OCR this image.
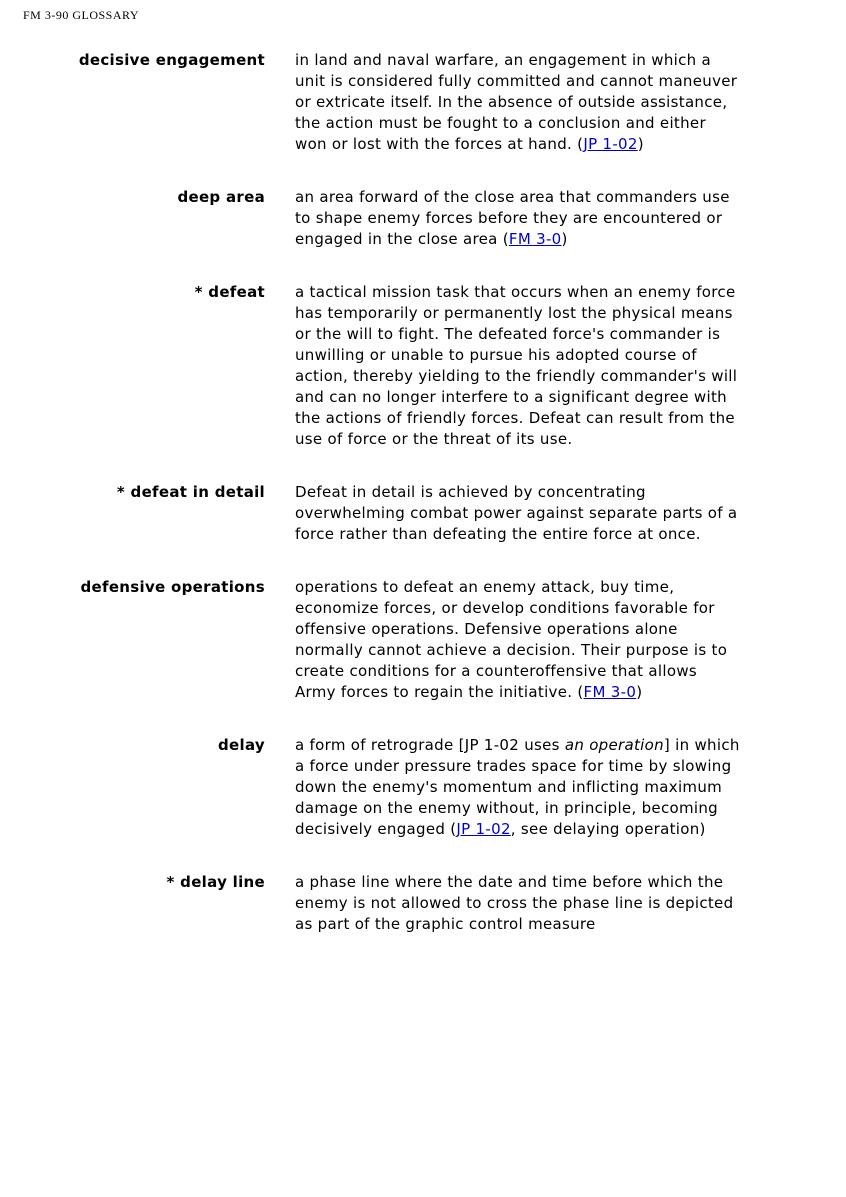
FM 3-90 GLOSSARY
decisive engagement in land and naval warfare, an engagement in which a unit is considered fully committed and cannot maneuver or extricate itself. In the absence of outside assistance, the action must be fought to a conclusion and either won or lost with the forces at hand. (JP 1-02)
deep area an area forward of the close area that commanders use to shape enemy forces before they are encountered or engaged in the close area (FM 3-0)
* defeat a tactical mission task that occurs when an enemy force has temporarily or permanently lost the physical means or the will to fight. The defeated force's commander is unwilling or unable to pursue his adopted course of action, thereby yielding to the friendly commander's will and can no longer interfere to a significant degree with the actions of friendly forces. Defeat can result from the use of force or the threat of its use.
* defeat in detail Defeat in detail is achieved by concentrating overwhelming combat power against separate parts of a force rather than defeating the entire force at once.
defensive operations operations to defeat an enemy attack, buy time, economize forces, or develop conditions favorable for offensive operations. Defensive operations alone normally cannot achieve a decision. Their purpose is to create conditions for a counteroffensive that allows Army forces to regain the initiative. (FM 3-0)
delay a form of retrograde [JP 1-02 uses an operation] in which a force under pressure trades space for time by slowing down the enemy's momentum and inflicting maximum damage on the enemy without, in principle, becoming decisively engaged (JP 1-02, see delaying operation)
* delay line a phase line where the date and time before which the enemy is not allowed to cross the phase line is depicted as part of the graphic control measure
